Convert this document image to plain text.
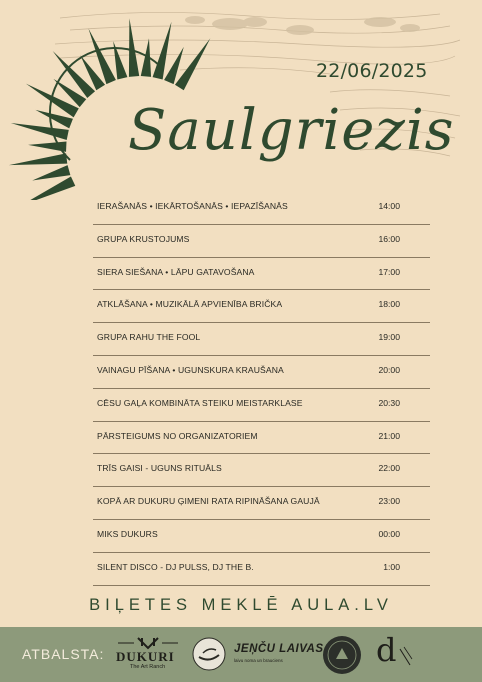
22/06/2025
Saulgriezis
IERAŠANĀS • IEKĀRTOŠANĀS • IEPAZĪŠANĀS	14:00
GRUPA KRUSTOJUMS	16:00
SIERA SIEŠANA • LĀPU GATAVOŠANA	17:00
ATKLĀŠANA • MUZIKĀLĀ APVIENĪBA BRIČKA	18:00
GRUPA RAHU THE FOOL	19:00
VAINAGU PĪŠANA • UGUNSKURA KRAUŠANA	20:00
CĒSU GAĻA KOMBINĀTA STEIKU MEISTARKLASE	20:30
PĀRSTEIGUMS NO ORGANIZATORIEM	21:00
TRĪS GAISI - UGUNS RITUĀLS	22:00
KOPĀ AR DUKURU ĢIMENI RATA RIPINĀŠANA GAUJĀ	23:00
MIKS DUKURS	00:00
SILENT DISCO - DJ PULSS, DJ THE B.	1:00
BIĻETES MEKLĒ AULA.LV
ATBALSTA: DUKURI
The Art Ranch
JEŅČU LAIVAS
laivu noma un brauciens	d
